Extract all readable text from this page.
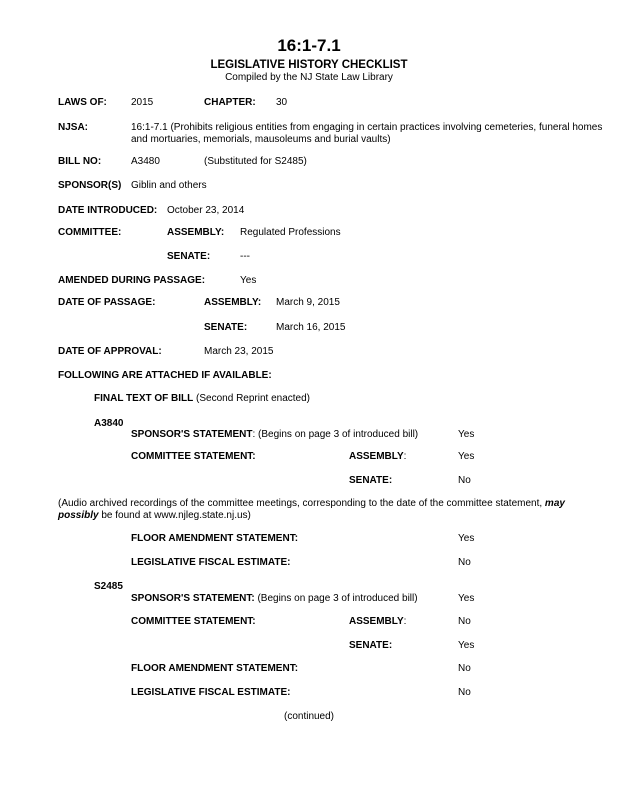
16:1-7.1
LEGISLATIVE HISTORY CHECKLIST
Compiled by the NJ State Law Library
LAWS OF: 2015	CHAPTER: 30
NJSA:	16:1-7.1 (Prohibits religious entities from engaging in certain practices involving cemeteries, funeral homes and mortuaries, memorials, mausoleums and burial vaults)
BILL NO:	A3480	(Substituted for S2485)
SPONSOR(S) Giblin and others
DATE INTRODUCED: October 23, 2014
COMMITTEE:	ASSEMBLY: Regulated Professions
SENATE:	---
AMENDED DURING PASSAGE:	Yes
DATE OF PASSAGE:	ASSEMBLY: March 9, 2015
SENATE:	March 16, 2015
DATE OF APPROVAL:	March 23, 2015
FOLLOWING ARE ATTACHED IF AVAILABLE:
FINAL TEXT OF BILL (Second Reprint enacted)
A3840
SPONSOR'S STATEMENT: (Begins on page 3 of introduced bill)	Yes
COMMITTEE STATEMENT:	ASSEMBLY:	Yes
SENATE:	No
(Audio archived recordings of the committee meetings, corresponding to the date of the committee statement, may possibly be found at www.njleg.state.nj.us)
FLOOR AMENDMENT STATEMENT:	Yes
LEGISLATIVE FISCAL ESTIMATE:	No
S2485
SPONSOR'S STATEMENT: (Begins on page 3 of introduced bill)	Yes
COMMITTEE STATEMENT:	ASSEMBLY:	No
SENATE:	Yes
FLOOR AMENDMENT STATEMENT:	No
LEGISLATIVE FISCAL ESTIMATE:	No
(continued)
